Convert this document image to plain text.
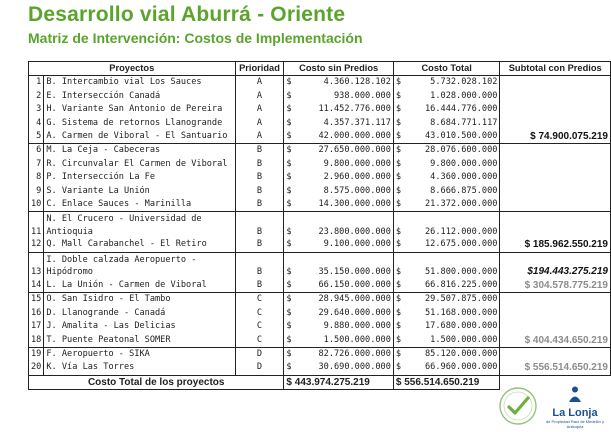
Desarrollo vial Aburrá - Oriente
Matriz de Intervención: Costos de Implementación
Proyectos		Prioridad	Costo sin Predios	Costo Total	Subtotal con Predios
1	B. Intercambio vial Los Sauces	A	$ 4.360.128.102	$ 5.732.028.102	

2	E. Intersección Canadá	A	$ 938.000.000	$ 1.028.000.000	

3	H. Variante San Antonio de Pereira	A	$ 11.452.776.000	$ 16.444.776.000	

4	G. Sistema de retornos Llanogrande	A	$ 4.357.371.117	$ 8.684.771.117	

5	A. Carmen de Viboral - El Santuario	A	$ 42.000.000.000	$ 43.010.500.000	$ 74.900.075.219
6	M. La Ceja - Cabeceras	B	$ 27.650.000.000	$ 28.076.600.000	

7	R. Circunvalar El Carmen de Viboral	B	$ 9.800.000.000	$ 9.800.000.000	

8	P. Intersección La Fe	B	$ 2.960.000.000	$ 4.360.000.000	

9	S. Variante La Unión	B	$ 8.575.000.000	$ 8.666.875.000	

10	C. Enlace Sauces - Marinilla	B	$ 14.300.000.000	$ 21.372.000.000	

11	N. El Crucero - Universidad de Antioquia	B	$ 23.800.000.000	$ 26.112.000.000	

12	Q. Mall Carabanchel - El Retiro	B	$ 9.100.000.000	$ 12.675.000.000	$ 185.962.550.219
13	I. Doble calzada Aeropuerto - Hipódromo	B	$ 35.150.000.000	$ 51.800.000.000	$194.443.275.219
14	L. La Unión - Carmen de Viboral	B	$ 66.150.000.000	$ 66.816.225.000	$ 304.578.775.219
15	O. San Isidro - El Tambo	C	$ 28.945.000.000	$ 29.507.875.000	

16	D. Llanogrande - Canadá	C	$ 29.640.000.000	$ 51.168.000.000	

17	J. Amalita - Las Delicias	C	$ 9.880.000.000	$ 17.680.000.000	

18	T. Puente Peatonal SOMER	C	$ 1.500.000.000	$ 1.500.000.000	$ 404.434.650.219
19	F. Aeropuerto - SIKA	D	$ 82.726.000.000	$ 85.120.000.000	

20	K. Vía Las Torres	D	$ 30.690.000.000	$ 66.960.000.000	$ 556.514.650.219
Costo Total de los proyectos			$ 443.974.275.219	$ 556.514.650.219	
La Lonja
de Propiedad Raíz de Medellín y Antioquia
